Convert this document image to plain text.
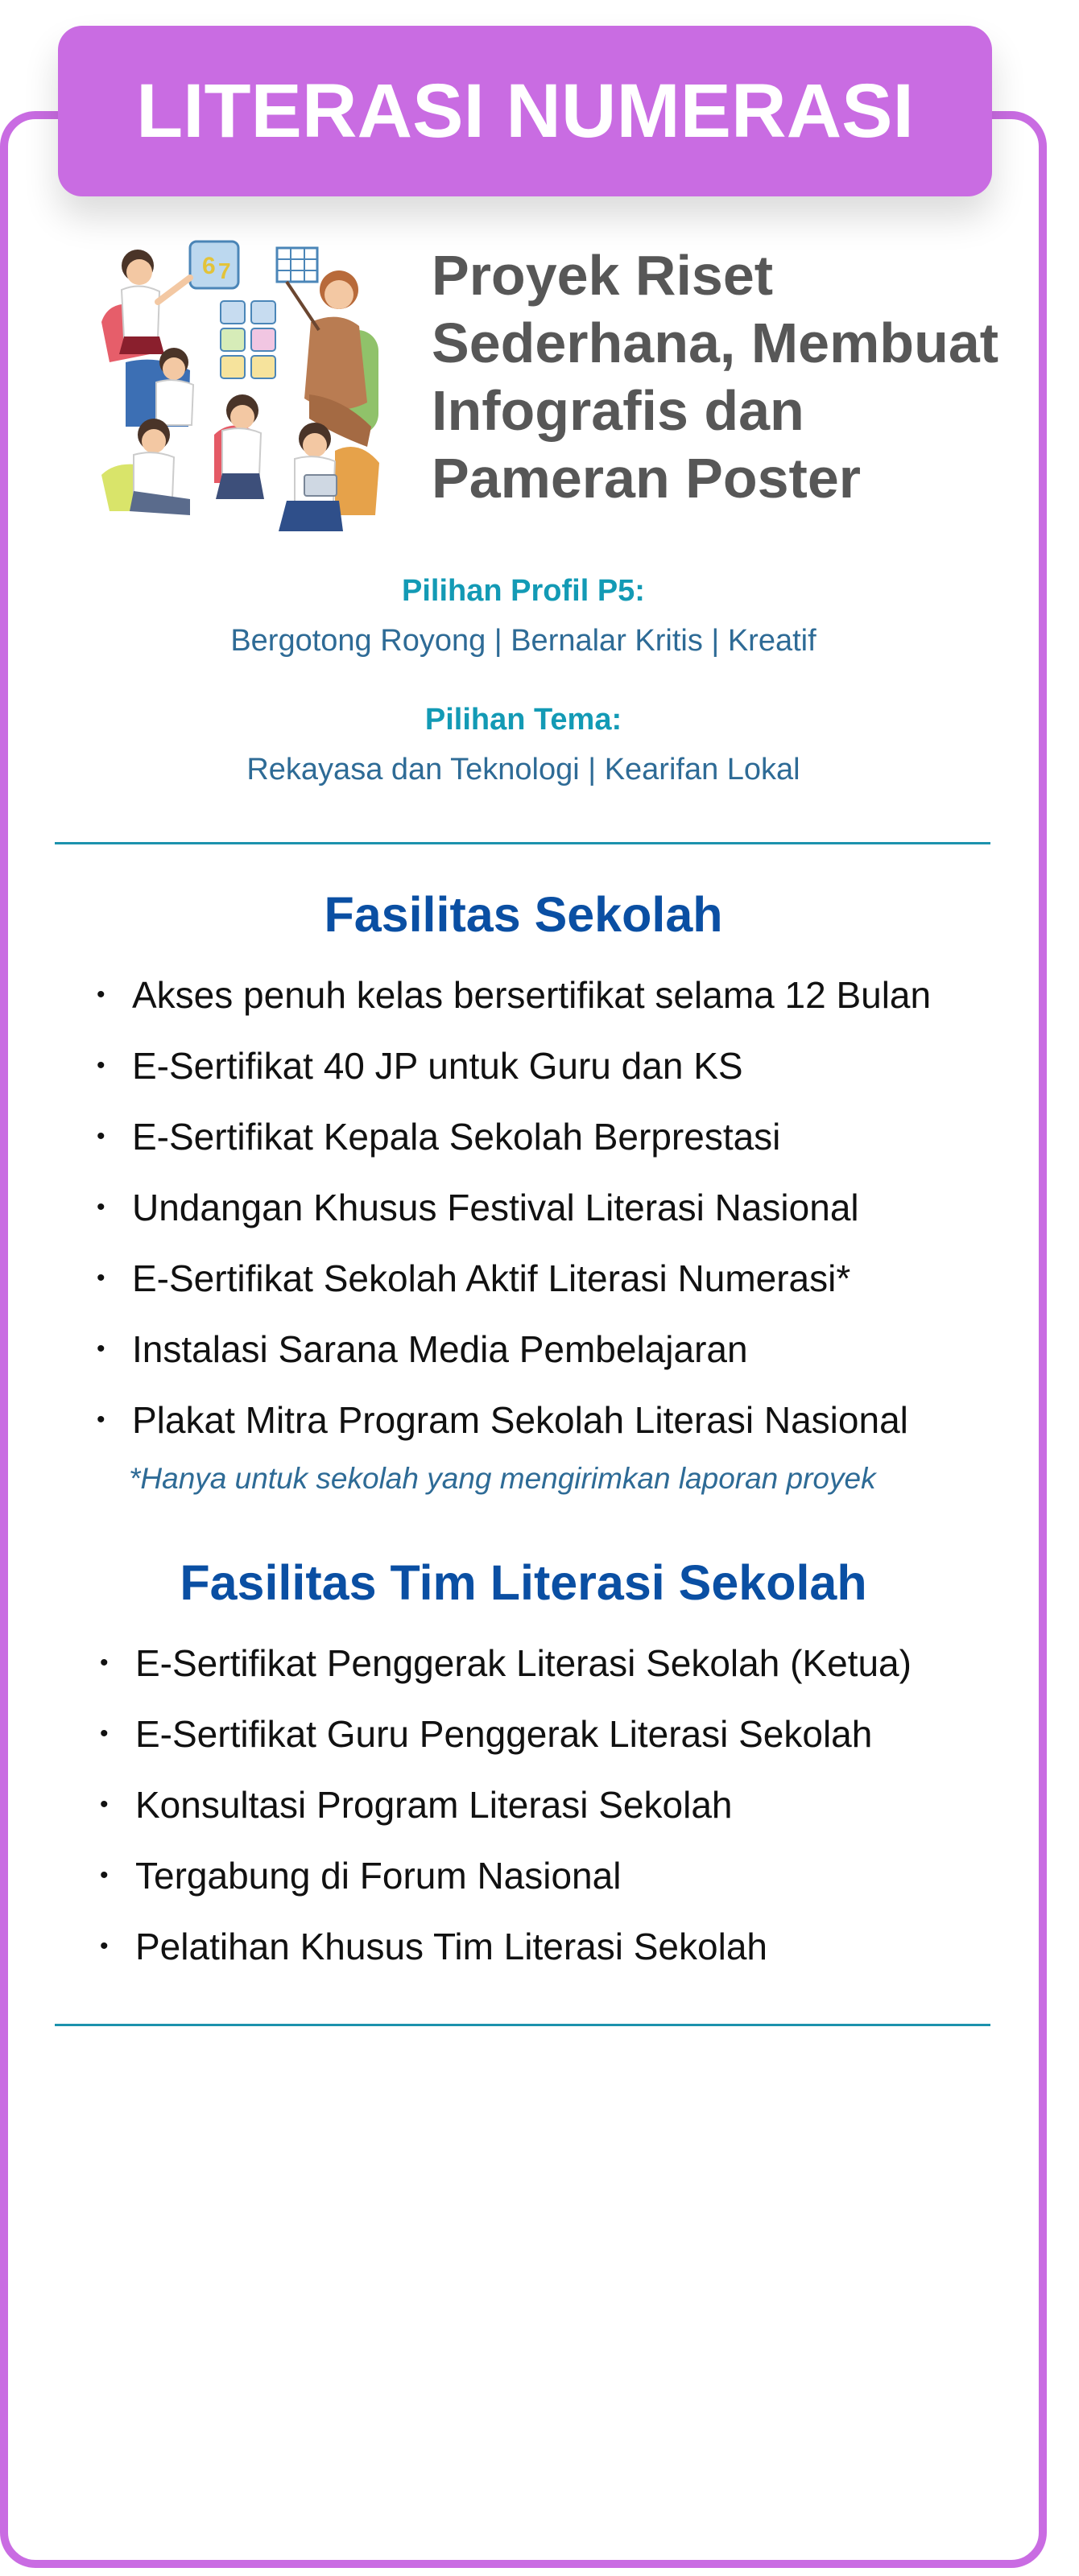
LITERASI NUMERASI
6 7	Proyek Riset
Sederhana, Membuat
Infografis dan
Pameran Poster
Pilihan Profil P5:
Bergotong Royong | Bernalar Kritis | Kreatif
Pilihan Tema:
Rekayasa dan Teknologi | Kearifan Lokal
Fasilitas Sekolah
• Akses penuh kelas bersertifikat selama 12 Bulan
• E-Sertifikat 40 JP untuk Guru dan KS
• E-Sertifikat Kepala Sekolah Berprestasi
• Undangan Khusus Festival Literasi Nasional
• E-Sertifikat Sekolah Aktif Literasi Numerasi*
• Instalasi Sarana Media Pembelajaran
• Plakat Mitra Program Sekolah Literasi Nasional
*Hanya untuk sekolah yang mengirimkan laporan proyek
Fasilitas Tim Literasi Sekolah
• E-Sertifikat Penggerak Literasi Sekolah (Ketua)
• E-Sertifikat Guru Penggerak Literasi Sekolah
• Konsultasi Program Literasi Sekolah
• Tergabung di Forum Nasional
• Pelatihan Khusus Tim Literasi Sekolah
